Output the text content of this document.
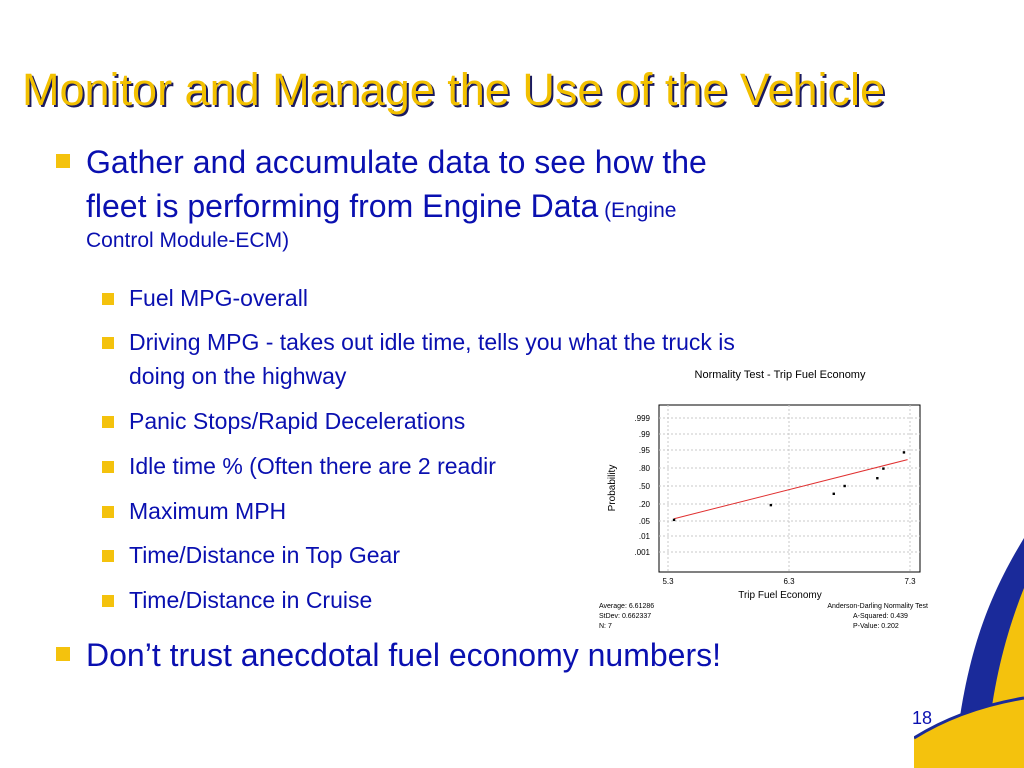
Monitor and Manage the Use of the Vehicle
Gather and accumulate data to see how the
fleet is performing from Engine Data (Engine
Control Module-ECM)
Fuel MPG-overall
Driving MPG - takes out idle time, tells you what the truck is
doing on the highway
Panic Stops/Rapid Decelerations
Idle time % (Often there are 2 readir
Maximum MPH
Time/Distance in Top Gear
Time/Distance in Cruise
Normality Test - Trip Fuel Economy
.999
.99
.95
.80
.50
.20
.05
.01
.001
5.3	6.3	7.3
Probability
Trip Fuel Economy
Average: 6.61286
StDev: 0.662337
N: 7
Anderson-Darling Normality Test
A-Squared: 0.439
P-Value: 0.202
Don’t trust anecdotal fuel economy numbers!
18
